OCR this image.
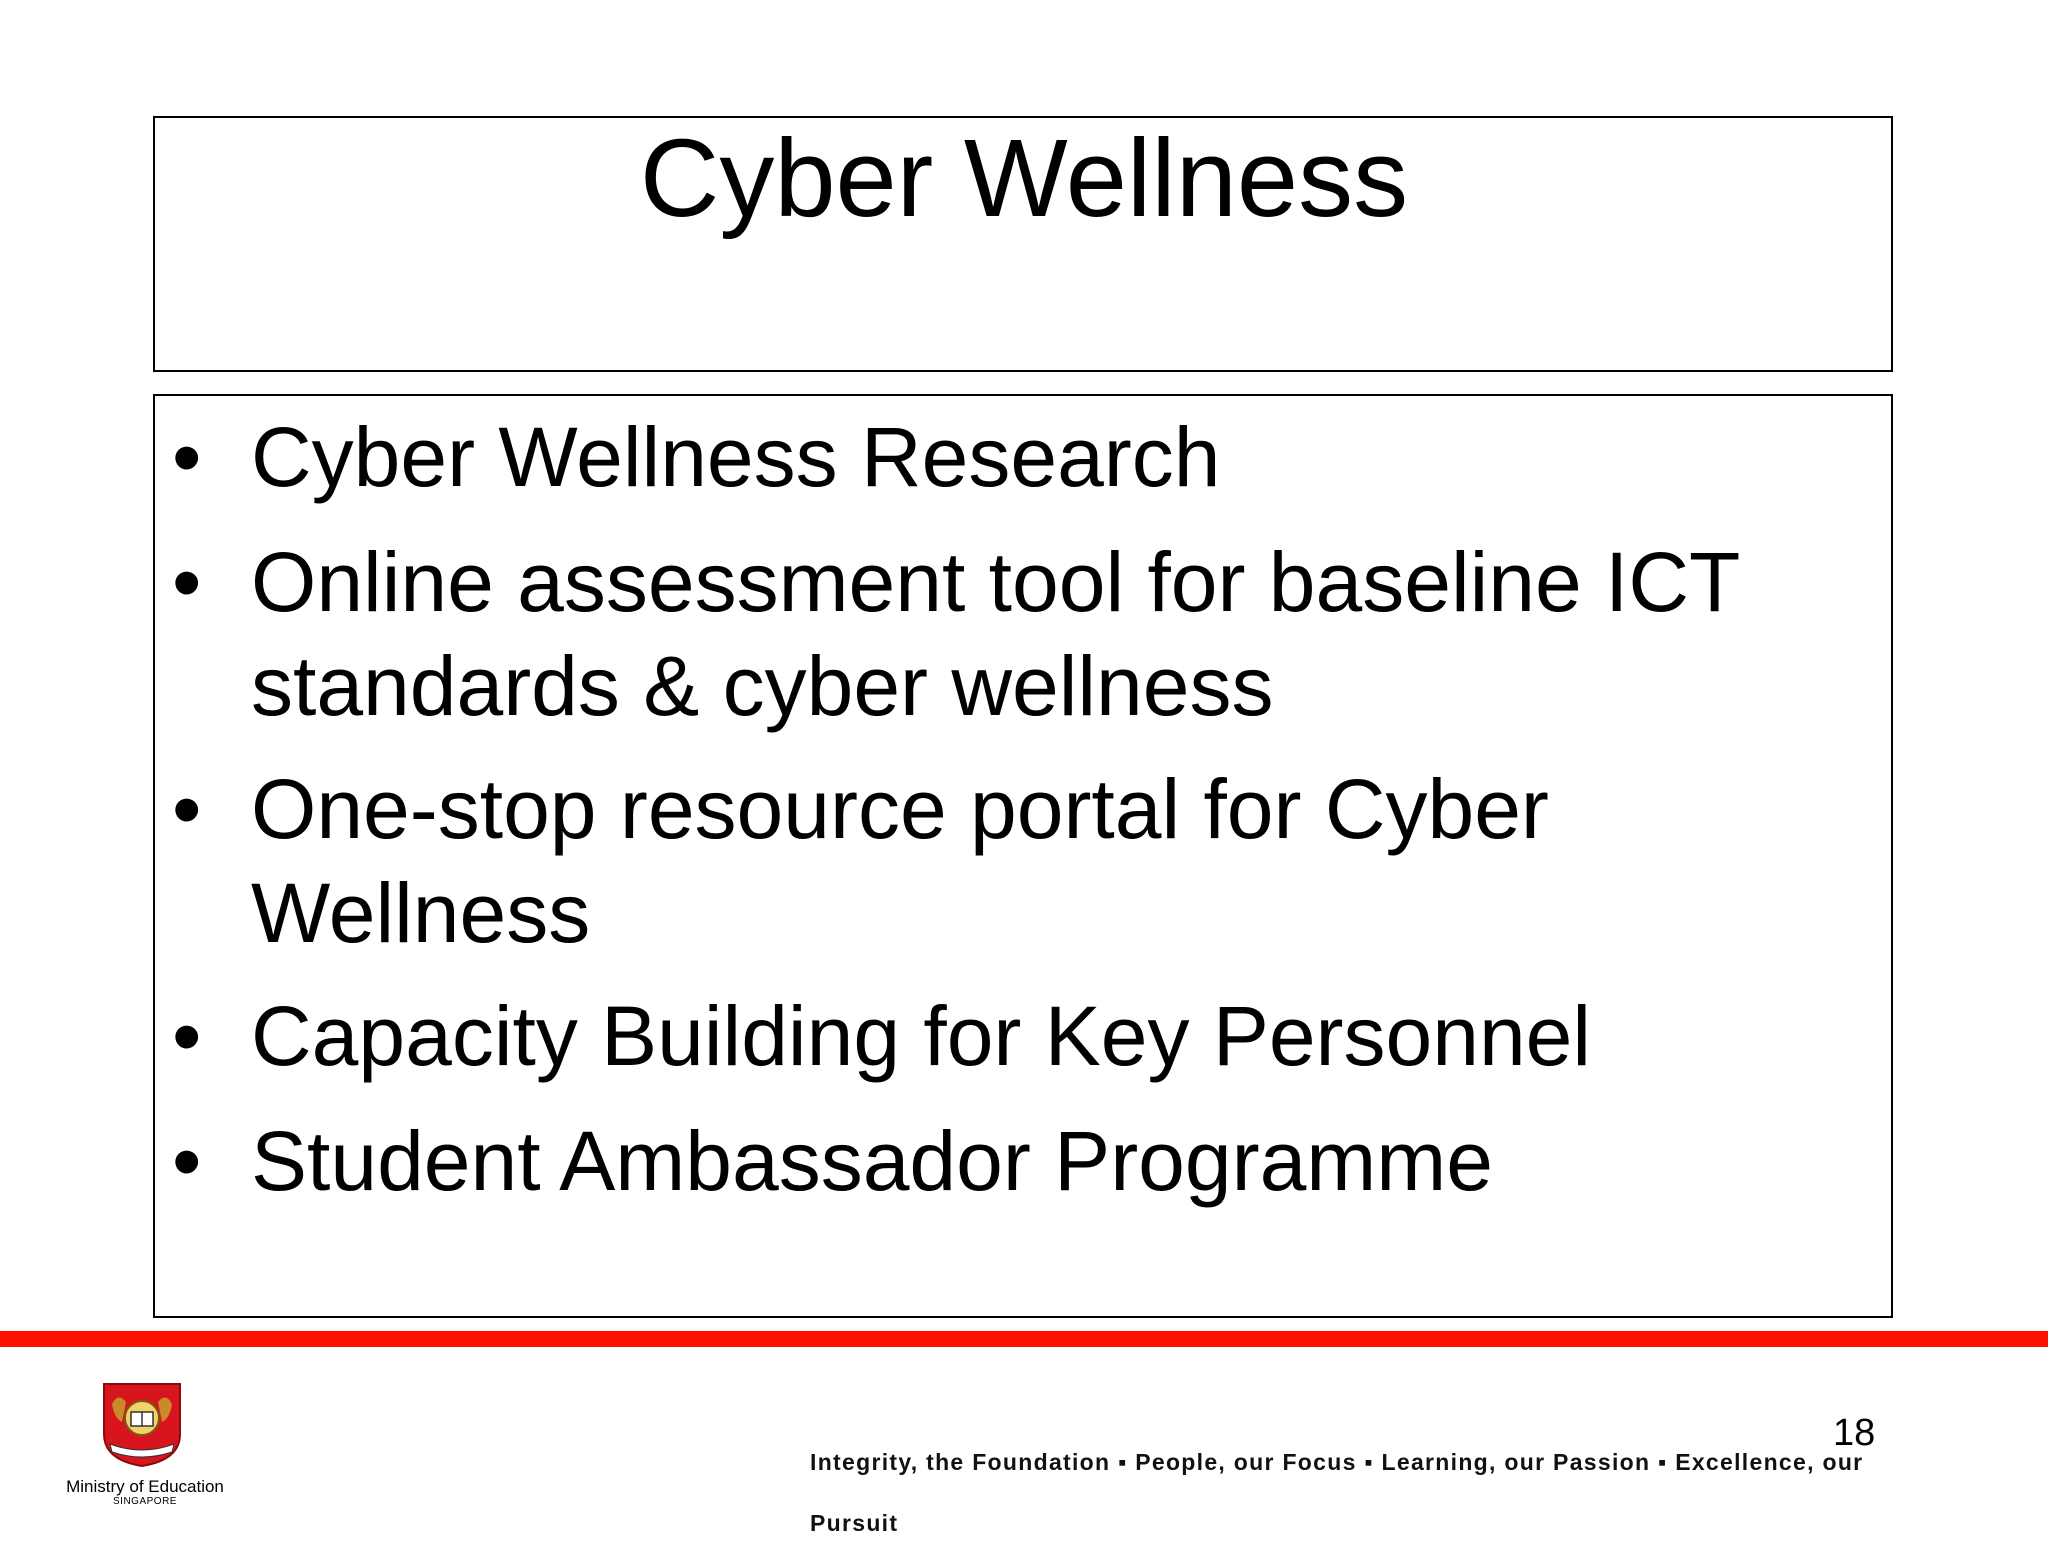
Cyber Wellness
• Cyber Wellness Research
• Online assessment tool for baseline ICT
standards & cyber wellness
• One-stop resource portal for Cyber
Wellness
• Capacity Building for Key Personnel
• Student Ambassador Programme
Ministry of Education
SINGAPORE
Integrity, the Foundation ▪ People, our Focus ▪ Learning, our Passion ▪ Excellence, our Pursuit
18
